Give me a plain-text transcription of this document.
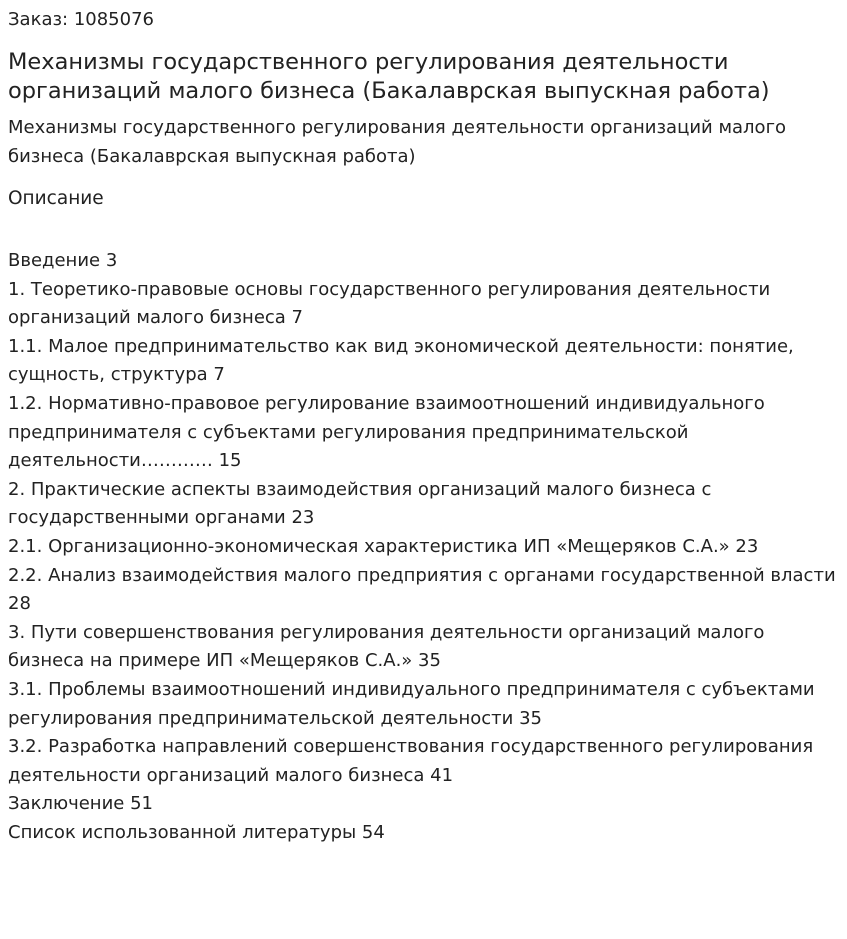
Заказ: 1085076

Механизмы государственного регулирования деятельности организаций малого бизнеса (Бакалаврская выпускная работа)

Механизмы государственного регулирования деятельности организаций малого бизнеса (Бакалаврская выпускная работа)

Описание

Введение 3
1. Теоретико-правовые основы государственного регулирования деятельности организаций малого бизнеса 7
1.1. Малое предпринимательство как вид экономической деятельности: понятие, сущность, структура 7
1.2. Нормативно-правовое регулирование взаимоотношений индивидуального предпринимателя с субъектами регулирования предпринимательской деятельности………… 15
2. Практические аспекты взаимодействия организаций малого бизнеса с государственными органами 23
2.1. Организационно-экономическая характеристика ИП «Мещеряков С.А.» 23
2.2. Анализ взаимодействия малого предприятия с органами государственной власти 28
3. Пути совершенствования регулирования деятельности организаций малого бизнеса на примере ИП «Мещеряков С.А.» 35
3.1. Проблемы взаимоотношений индивидуального предпринимателя с субъектами регулирования предпринимательской деятельности 35
3.2. Разработка направлений совершенствования государственного регулирования деятельности организаций малого бизнеса 41
Заключение 51
Список использованной литературы 54
